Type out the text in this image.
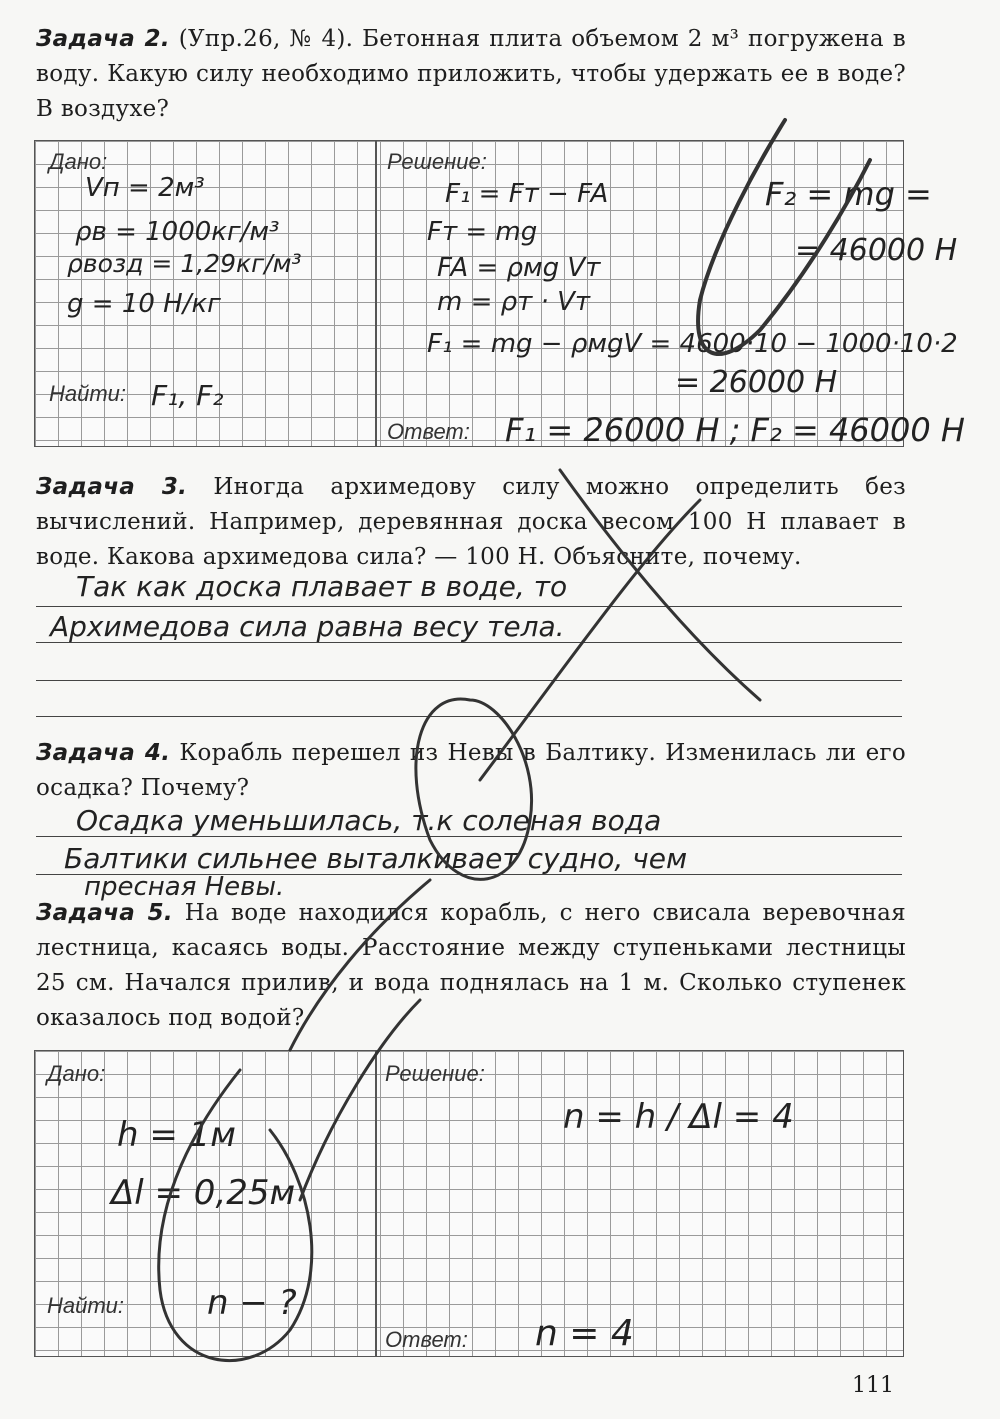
Задача 2. (Упр.26, № 4). Бетонная плита объемом 2 м³ погружена в воду. Какую силу необходимо приложить, чтобы удержать ее в воде? В воздухе?
Дано:	Решение:
Найти:
Ответ:
Vп = 2м³
ρв = 1000кг/м³
ρвозд = 1,29кг/м³
g = 10 Н/кг
F₁, F₂
F₁ = Fт − FA
Fт = mg
FA = ρмg Vт
m = ρт · Vт
F₁ = mg − ρмgV = 4600·10 − 1000·10·2
= 26000 Н
F₂ = mg =
= 46000 Н
F₁ = 26000 Н ; F₂ = 46000 Н
Задача 3. Иногда архимедову силу можно определить без вычислений. Например, деревянная доска весом 100 Н плавает в воде. Какова архимедова сила? — 100 Н. Объясните, почему.
Так как доска плавает в воде, то
Архимедова сила равна весу тела.
Задача 4. Корабль перешел из Невы в Балтику. Изменилась ли его осадка? Почему?
Осадка уменьшилась, т.к соленая вода
Балтики сильнее выталкивает судно, чем
пресная Невы.
Задача 5. На воде находился корабль, с него свисала веревочная лестница, касаясь воды. Расстояние между ступеньками лестницы 25 см. Начался прилив, и вода поднялась на 1 м. Сколько ступенек оказалось под водой?
Дано:	Решение:
Найти:
Ответ:
h = 1м
Δl = 0,25м
n − ?
n = h / Δl = 4
n = 4
111
